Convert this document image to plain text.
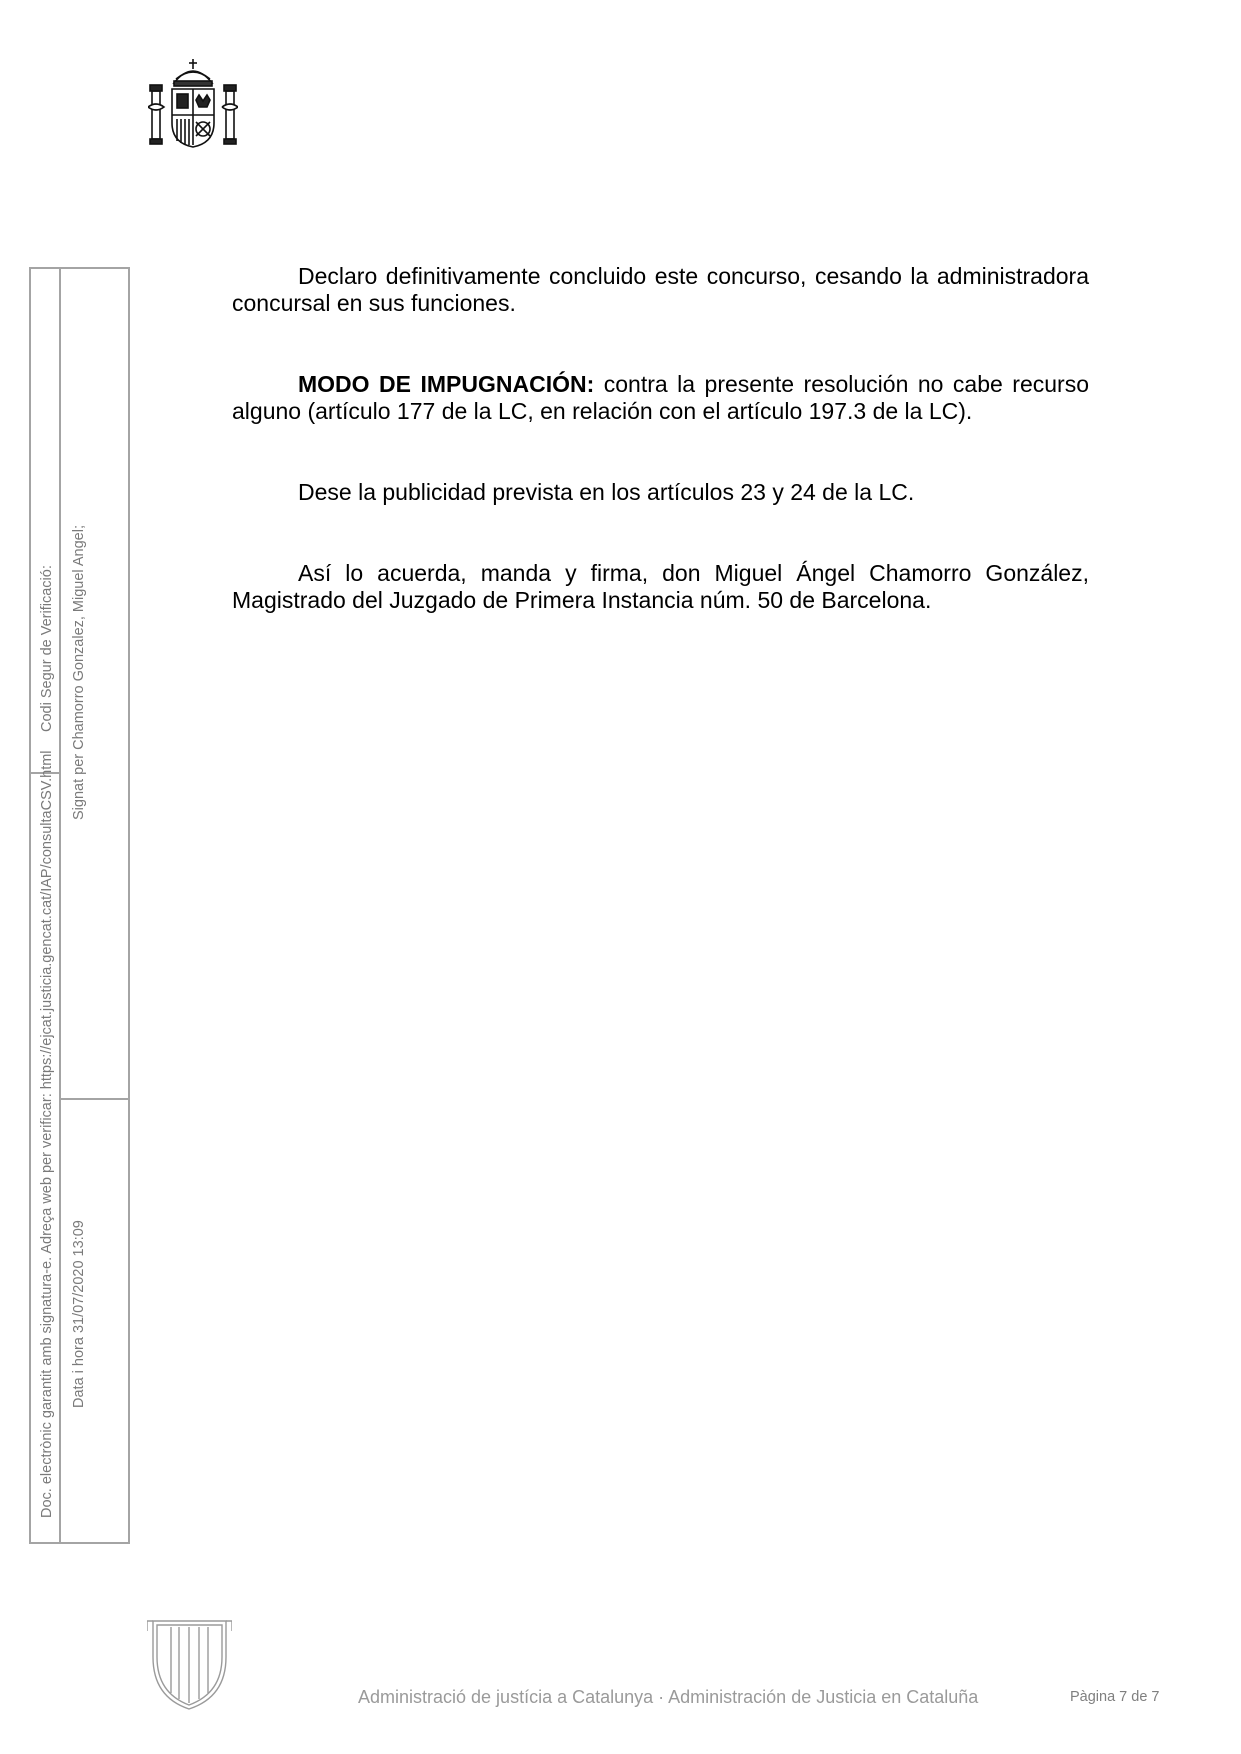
Declaro definitivamente concluido este concurso, cesando la administradora concursal en sus funciones.

MODO DE IMPUGNACIÓN: contra la presente resolución no cabe recurso alguno (artículo 177 de la LC, en relación con el artículo 197.3 de la LC).

Dese la publicidad prevista en los artículos 23 y 24 de la LC.

Así lo acuerda, manda y firma, don Miguel Ángel Chamorro González, Magistrado del Juzgado de Primera Instancia núm. 50 de Barcelona.

Codi Segur de Verificació:
Doc. electrònic garantit amb signatura-e. Adreça web per verificar: https://ejcat.justicia.gencat.cat/IAP/consultaCSV.html
Signat per Chamorro Gonzalez, Miguel Angel;
Data i hora 31/07/2020 13:09
Administració de justícia a Catalunya · Administración de Justicia en Cataluña	Pàgina 7 de 7
